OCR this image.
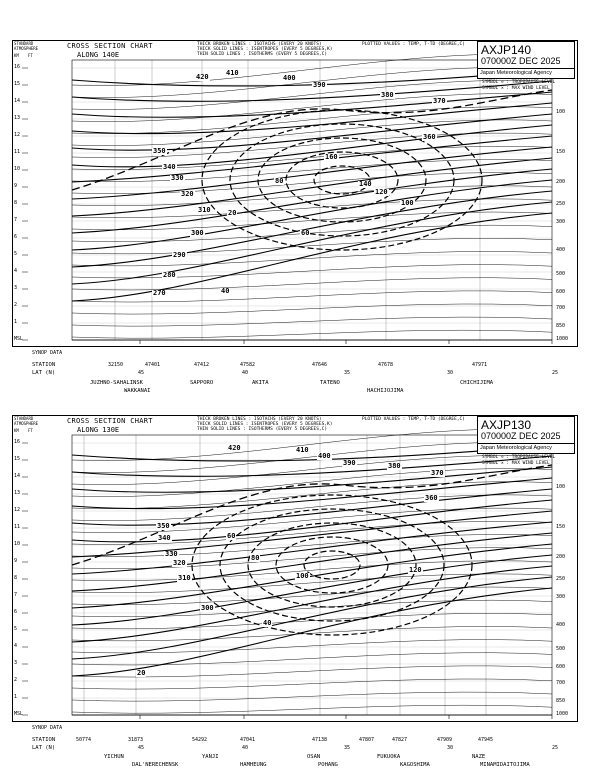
STANDARD
ATMOSPHERE
KM FT
CROSS SECTION CHART
ALONG 140E
THICK BROKEN LINES : ISOTACHS (EVERY 20 KNOTS)
THICK SOLID LINES : ISENTROPES (EVERY 5 DEGREES,K)
THIN SOLID LINES : ISOTHERMS (EVERY 5 DEGREES,C)
PLOTTED VALUES : TEMP, T-TD (DEGREE,C) AXJP140
070000Z DEC 2025
Japan Meteorological Agency
SYMBOL ✡ : TROPOPAUSE LEVEL
SYMBOL ✕ : MAX WIND LEVEL
16
15
14
13
12
11
10
9
8
7
6
5
4
3
2
1
MSL
100
150
200
250
300
400
500
600
700
850
1000
420 410
400
390
380
370
360
350
340
330
320
310
300
290
280
270
160
140
120
100
80
60
40
20
SYNOP DATA
STATION
LAT (N)
32150	47401	47412	47582	47646	47678	47971
45	40	35	30	25
JUZHNO-SAHALINSK	SAPPORO	AKITA	TATENO	CHICHIJIMA
WAKKANAI	HACHIJOJIMA
STANDARD
ATMOSPHERE
KM FT
CROSS SECTION CHART
ALONG 130E
THICK BROKEN LINES : ISOTACHS (EVERY 20 KNOTS)
THICK SOLID LINES : ISENTROPES (EVERY 5 DEGREES,K)
THIN SOLID LINES : ISOTHERMS (EVERY 5 DEGREES,C)
PLOTTED VALUES : TEMP, T-TD (DEGREE,C) AXJP130
070000Z DEC 2025
Japan Meteorological Agency
SYMBOL ✡ : TROPOPAUSE LEVEL
SYMBOL ✕ : MAX WIND LEVEL
16
15
14
13
12
11
10
9
8
7
6
5
4
3
2
1
MSL
100
150
200
250
300
400
500
600
700
850
1000
420	410
400
390	380
370
360
350
340
330
320
310
300
120
100
80
60
40
20
SYNOP DATA
STATION
LAT (N)
50774	31873	54292	47041	47138	47807	47827	47909	47945
45	40	35	30	25
YICHUN	YANJI	OSAN	FUKUOKA	NAZE
DAL'NERECHENSK	HAMHEUNG	POHANG	KAGOSHIMA	MINAMIDAITOJIMA
